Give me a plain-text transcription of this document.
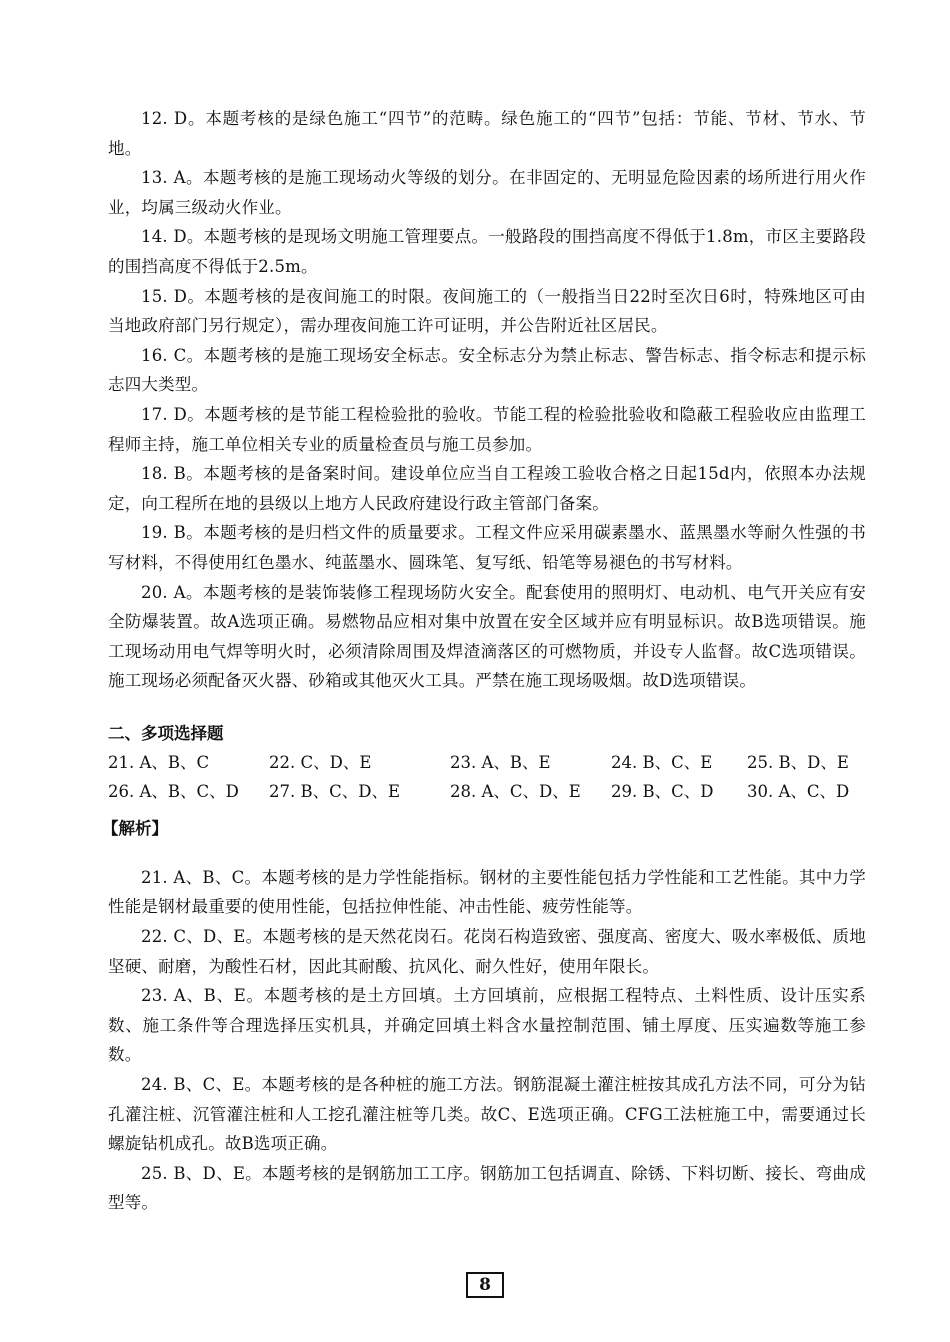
12. D。本题考核的是绿色施工“四节”的范畴。绿色施工的“四节”包括：节能、节材、节水、节地。

13. A。本题考核的是施工现场动火等级的划分。在非固定的、无明显危险因素的场所进行用火作业，均属三级动火作业。

14. D。本题考核的是现场文明施工管理要点。一般路段的围挡高度不得低于1.8m，市区主要路段的围挡高度不得低于2.5m。

15. D。本题考核的是夜间施工的时限。夜间施工的（一般指当日22时至次日6时，特殊地区可由当地政府部门另行规定），需办理夜间施工许可证明，并公告附近社区居民。

16. C。本题考核的是施工现场安全标志。安全标志分为禁止标志、警告标志、指令标志和提示标志四大类型。

17. D。本题考核的是节能工程检验批的验收。节能工程的检验批验收和隐蔽工程验收应由监理工程师主持，施工单位相关专业的质量检查员与施工员参加。

18. B。本题考核的是备案时间。建设单位应当自工程竣工验收合格之日起15d内，依照本办法规定，向工程所在地的县级以上地方人民政府建设行政主管部门备案。

19. B。本题考核的是归档文件的质量要求。工程文件应采用碳素墨水、蓝黑墨水等耐久性强的书写材料，不得使用红色墨水、纯蓝墨水、圆珠笔、复写纸、铅笔等易褪色的书写材料。

20. A。本题考核的是装饰装修工程现场防火安全。配套使用的照明灯、电动机、电气开关应有安全防爆装置。故A选项正确。易燃物品应相对集中放置在安全区域并应有明显标识。故B选项错误。施工现场动用电气焊等明火时，必须清除周围及焊渣滴落区的可燃物质，并设专人监督。故C选项错误。施工现场必须配备灭火器、砂箱或其他灭火工具。严禁在施工现场吸烟。故D选项错误。

二、多项选择题
21. A、B、C	22. C、D、E	23. A、B、E	24. B、C、E	25. B、D、E
26. A、B、C、D	27. B、C、D、E	28. A、C、D、E	29. B、C、D	30. A、C、D
【解析】

21. A、B、C。本题考核的是力学性能指标。钢材的主要性能包括力学性能和工艺性能。其中力学性能是钢材最重要的使用性能，包括拉伸性能、冲击性能、疲劳性能等。

22. C、D、E。本题考核的是天然花岗石。花岗石构造致密、强度高、密度大、吸水率极低、质地坚硬、耐磨，为酸性石材，因此其耐酸、抗风化、耐久性好，使用年限长。

23. A、B、E。本题考核的是土方回填。土方回填前，应根据工程特点、土料性质、设计压实系数、施工条件等合理选择压实机具，并确定回填土料含水量控制范围、铺土厚度、压实遍数等施工参数。

24. B、C、E。本题考核的是各种桩的施工方法。钢筋混凝土灌注桩按其成孔方法不同，可分为钻孔灌注桩、沉管灌注桩和人工挖孔灌注桩等几类。故C、E选项正确。CFG工法桩施工中，需要通过长螺旋钻机成孔。故B选项正确。

25. B、D、E。本题考核的是钢筋加工工序。钢筋加工包括调直、除锈、下料切断、接长、弯曲成型等。

8
